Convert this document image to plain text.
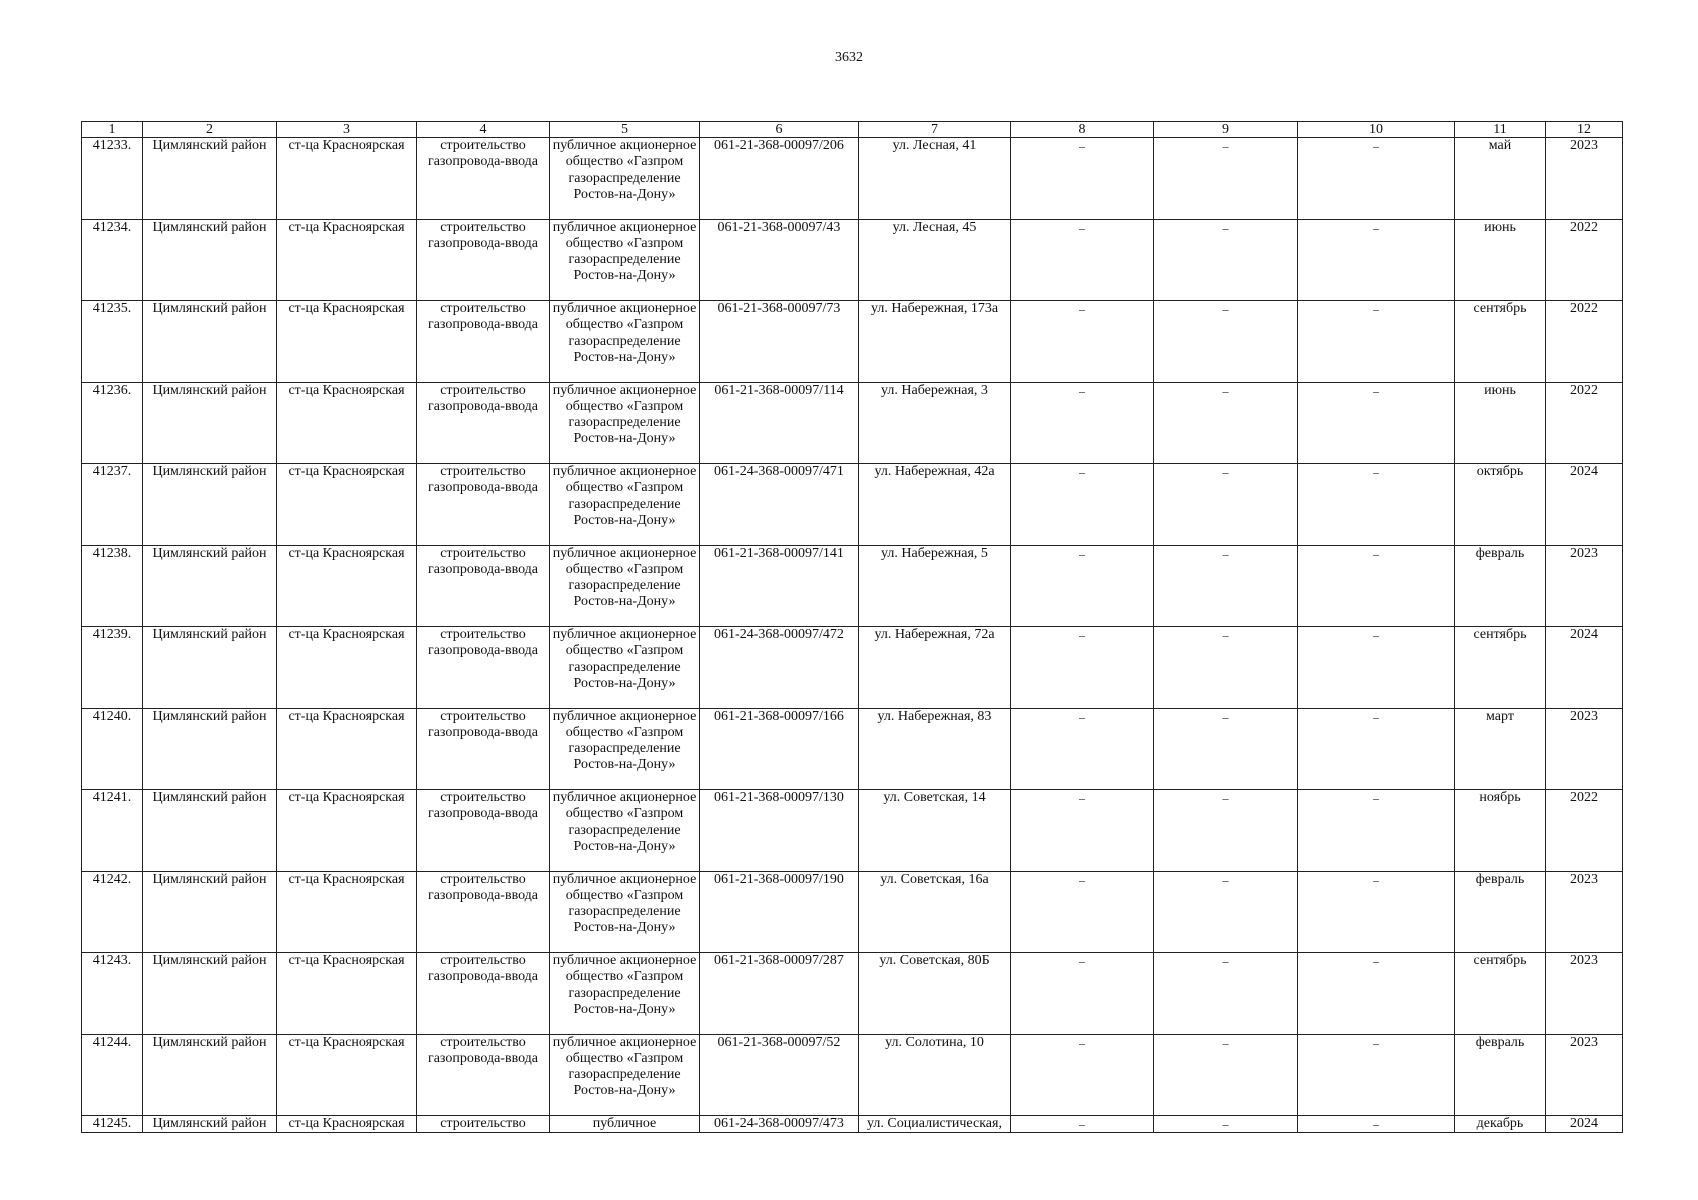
3632
1	2	3	4	5	6	7	8	9	10	11	12
41233.	Цимлянский район	ст-ца Красноярская	строительство газопровода-ввода	публичное акционерное общество «Газпром газораспределение Ростов-на-Дону»	061-21-368-00097/206	ул. Лесная, 41	–	–	–	май	2023
41234.	Цимлянский район	ст-ца Красноярская	строительство газопровода-ввода	публичное акционерное общество «Газпром газораспределение Ростов-на-Дону»	061-21-368-00097/43	ул. Лесная, 45	–	–	–	июнь	2022
41235.	Цимлянский район	ст-ца Красноярская	строительство газопровода-ввода	публичное акционерное общество «Газпром газораспределение Ростов-на-Дону»	061-21-368-00097/73	ул. Набережная, 173а	–	–	–	сентябрь	2022
41236.	Цимлянский район	ст-ца Красноярская	строительство газопровода-ввода	публичное акционерное общество «Газпром газораспределение Ростов-на-Дону»	061-21-368-00097/114	ул. Набережная, 3	–	–	–	июнь	2022
41237.	Цимлянский район	ст-ца Красноярская	строительство газопровода-ввода	публичное акционерное общество «Газпром газораспределение Ростов-на-Дону»	061-24-368-00097/471	ул. Набережная, 42а	–	–	–	октябрь	2024
41238.	Цимлянский район	ст-ца Красноярская	строительство газопровода-ввода	публичное акционерное общество «Газпром газораспределение Ростов-на-Дону»	061-21-368-00097/141	ул. Набережная, 5	–	–	–	февраль	2023
41239.	Цимлянский район	ст-ца Красноярская	строительство газопровода-ввода	публичное акционерное общество «Газпром газораспределение Ростов-на-Дону»	061-24-368-00097/472	ул. Набережная, 72а	–	–	–	сентябрь	2024
41240.	Цимлянский район	ст-ца Красноярская	строительство газопровода-ввода	публичное акционерное общество «Газпром газораспределение Ростов-на-Дону»	061-21-368-00097/166	ул. Набережная, 83	–	–	–	март	2023
41241.	Цимлянский район	ст-ца Красноярская	строительство газопровода-ввода	публичное акционерное общество «Газпром газораспределение Ростов-на-Дону»	061-21-368-00097/130	ул. Советская, 14	–	–	–	ноябрь	2022
41242.	Цимлянский район	ст-ца Красноярская	строительство газопровода-ввода	публичное акционерное общество «Газпром газораспределение Ростов-на-Дону»	061-21-368-00097/190	ул. Советская, 16а	–	–	–	февраль	2023
41243.	Цимлянский район	ст-ца Красноярская	строительство газопровода-ввода	публичное акционерное общество «Газпром газораспределение Ростов-на-Дону»	061-21-368-00097/287	ул. Советская, 80Б	–	–	–	сентябрь	2023
41244.	Цимлянский район	ст-ца Красноярская	строительство газопровода-ввода	публичное акционерное общество «Газпром газораспределение Ростов-на-Дону»	061-21-368-00097/52	ул. Солотина, 10	–	–	–	февраль	2023
41245.	Цимлянский район	ст-ца Красноярская	строительство	публичное	061-24-368-00097/473	ул. Социалистическая,	–	–	–	декабрь	2024
